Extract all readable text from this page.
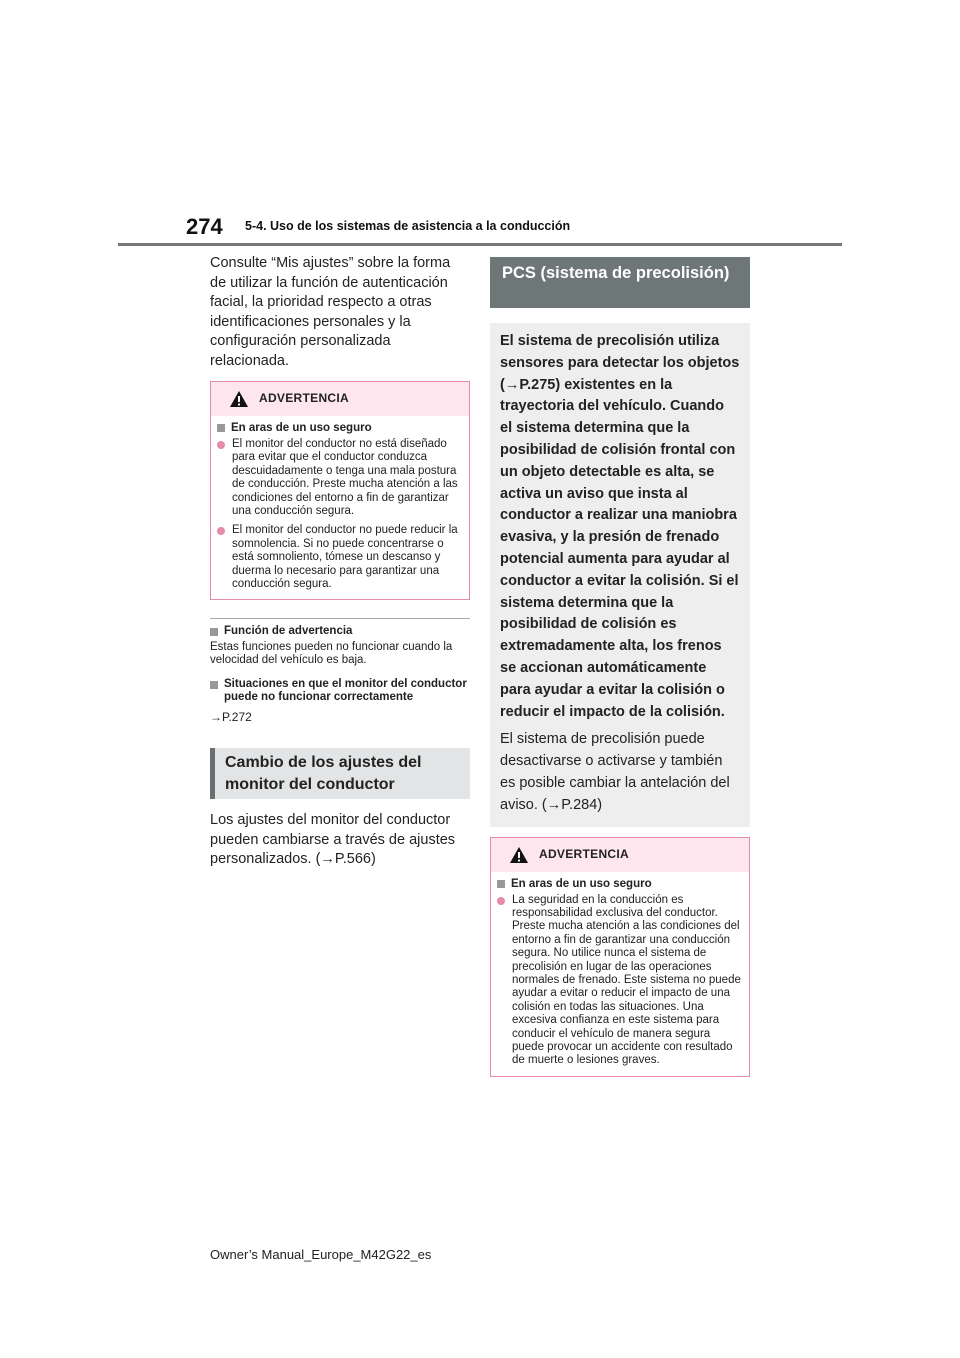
274 5-4. Uso de los sistemas de asistencia a la conducción

Consulte “Mis ajustes” sobre la forma de utilizar la función de autenticación facial, la prioridad respecto a otras identificaciones personales y la configuración personalizada relacionada.

ADVERTENCIA
En aras de un uso seguro
El monitor del conductor no está diseñado para evitar que el conductor conduzca descuidadamente o tenga una mala postura de conducción. Preste mucha atención a las condiciones del entorno a fin de garantizar una conducción segura.
El monitor del conductor no puede reducir la somnolencia. Si no puede concentrarse o está somnoliento, tómese un descanso y duerma lo necesario para garantizar una conducción segura.
Función de advertencia
Estas funciones pueden no funcionar cuando la velocidad del vehículo es baja.
Situaciones en que el monitor del conductor puede no funcionar correctamente
→P.272
Cambio de los ajustes del monitor del conductor

Los ajustes del monitor del conductor pueden cambiarse a través de ajustes personalizados. (→P.566)

PCS (sistema de precolisión)

El sistema de precolisión utiliza sensores para detectar los objetos (→P.275) existentes en la trayectoria del vehículo. Cuando el sistema determina que la posibilidad de colisión frontal con un objeto detectable es alta, se activa un aviso que insta al conductor a realizar una maniobra evasiva, y la presión de frenado potencial aumenta para ayudar al conductor a evitar la colisión. Si el sistema determina que la posibilidad de colisión es extremadamente alta, los frenos se accionan automáticamente para ayudar a evitar la colisión o reducir el impacto de la colisión.

El sistema de precolisión puede desactivarse o activarse y también es posible cambiar la antelación del aviso. (→P.284)

ADVERTENCIA
En aras de un uso seguro
La seguridad en la conducción es responsabilidad exclusiva del conductor. Preste mucha atención a las condiciones del entorno a fin de garantizar una conducción segura. No utilice nunca el sistema de precolisión en lugar de las operaciones normales de frenado. Este sistema no puede ayudar a evitar o reducir el impacto de una colisión en todas las situaciones. Una excesiva confianza en este sistema para conducir el vehículo de manera segura puede provocar un accidente con resultado de muerte o lesiones graves.
Owner’s Manual_Europe_M42G22_es
